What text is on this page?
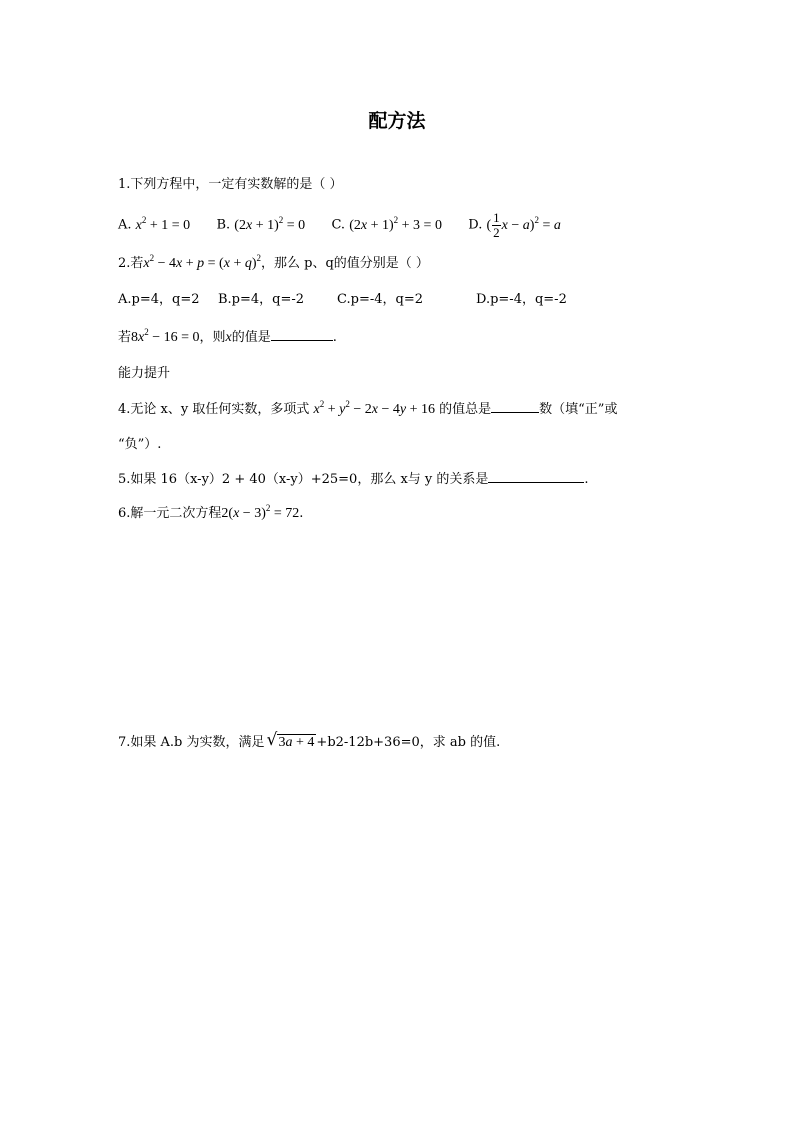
配方法
1.下列方程中，一定有实数解的是（ ）
A. $x^2 + 1 = 0$ B. $(2x + 1)^2 = 0$ C. $(2x + 1)^2 + 3 = 0$ D. ( $\frac{1}{2}$ x − a)$^2$ = a
2.若$x^2 - 4x + p = (x + q)^2$，那么 p、q的值分别是（ ）
A.p=4，q=2 B.p=4，q=-2	C.p=-4，q=2	D.p=-4，q=-2
若$8x^2 - 16 = 0$，则x的值是	.
能力提升
4.无论 x、y 取任何实数，多项式 $x^2 + y^2 - 2x - 4y + 16$ 的值总是	数（填“正”或
“负”）.
5.如果 16（x-y）2 + 40（x-y）+25=0，那么 x与 y 的关系是	.
6.解一元二次方程$2(x - 3)^2 = 72$.
7.如果 A.b 为实数，满足 √ 3a + 4 +b2-12b+36=0，求 ab 的值.
